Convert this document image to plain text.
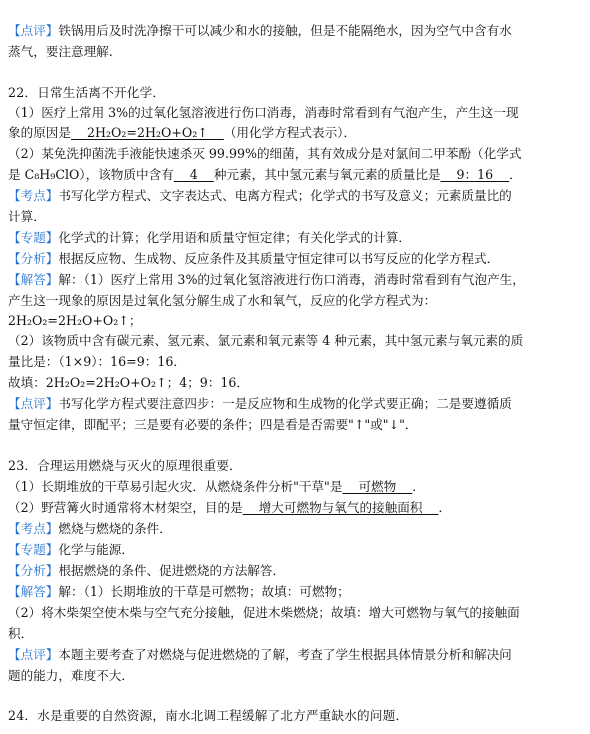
【点评】铁锅用后及时洗净擦干可以减少和水的接触，但是不能隔绝水，因为空气中含有水
蒸气，要注意理解.
22．日常生活离不开化学．
（1）医疗上常用 3%的过氧化氢溶液进行伤口消毒，消毒时常看到有气泡产生，产生这一现
象的原因是    2H₂O₂=2H₂O+O₂↑    （用化学方程式表示）．
（2）某免洗抑菌洗手液能快速杀灭 99.99%的细菌，其有效成分是对氯间二甲苯酚（化学式
是 C₈H₉ClO），该物质中含有    4    种元素，其中氢元素与氧元素的质量比是    9：16    ．
【考点】书写化学方程式、文字表达式、电离方程式；化学式的书写及意义；元素质量比的
计算．
【专题】化学式的计算；化学用语和质量守恒定律；有关化学式的计算．
【分析】根据反应物、生成物、反应条件及其质量守恒定律可以书写反应的化学方程式．
【解答】解：（1）医疗上常用 3%的过氧化氢溶液进行伤口消毒，消毒时常看到有气泡产生，
产生这一现象的原因是过氧化氢分解生成了水和氧气，反应的化学方程式为：
2H₂O₂=2H₂O+O₂↑；
（2）该物质中含有碳元素、氢元素、氯元素和氧元素等 4 种元素，其中氢元素与氧元素的质
量比是：（1×9）：16=9：16．
故填：2H₂O₂=2H₂O+O₂↑；4；9：16．
【点评】书写化学方程式要注意四步：一是反应物和生成物的化学式要正确；二是要遵循质
量守恒定律，即配平；三是要有必要的条件；四是看是否需要"↑"或"↓"．
23．合理运用燃烧与灭火的原理很重要．
（1）长期堆放的干草易引起火灾．从燃烧条件分析"干草"是    可燃物    ．
（2）野营篝火时通常将木材架空，目的是    增大可燃物与氧气的接触面积    ．
【考点】燃烧与燃烧的条件．
【专题】化学与能源．
【分析】根据燃烧的条件、促进燃烧的方法解答．
【解答】解：（1）长期堆放的干草是可燃物；故填：可燃物；
（2）将木柴架空使木柴与空气充分接触，促进木柴燃烧；故填：增大可燃物与氧气的接触面
积．
【点评】本题主要考查了对燃烧与促进燃烧的了解，考查了学生根据具体情景分析和解决问
题的能力，难度不大．
24．水是重要的自然资源，南水北调工程缓解了北方严重缺水的问题．
